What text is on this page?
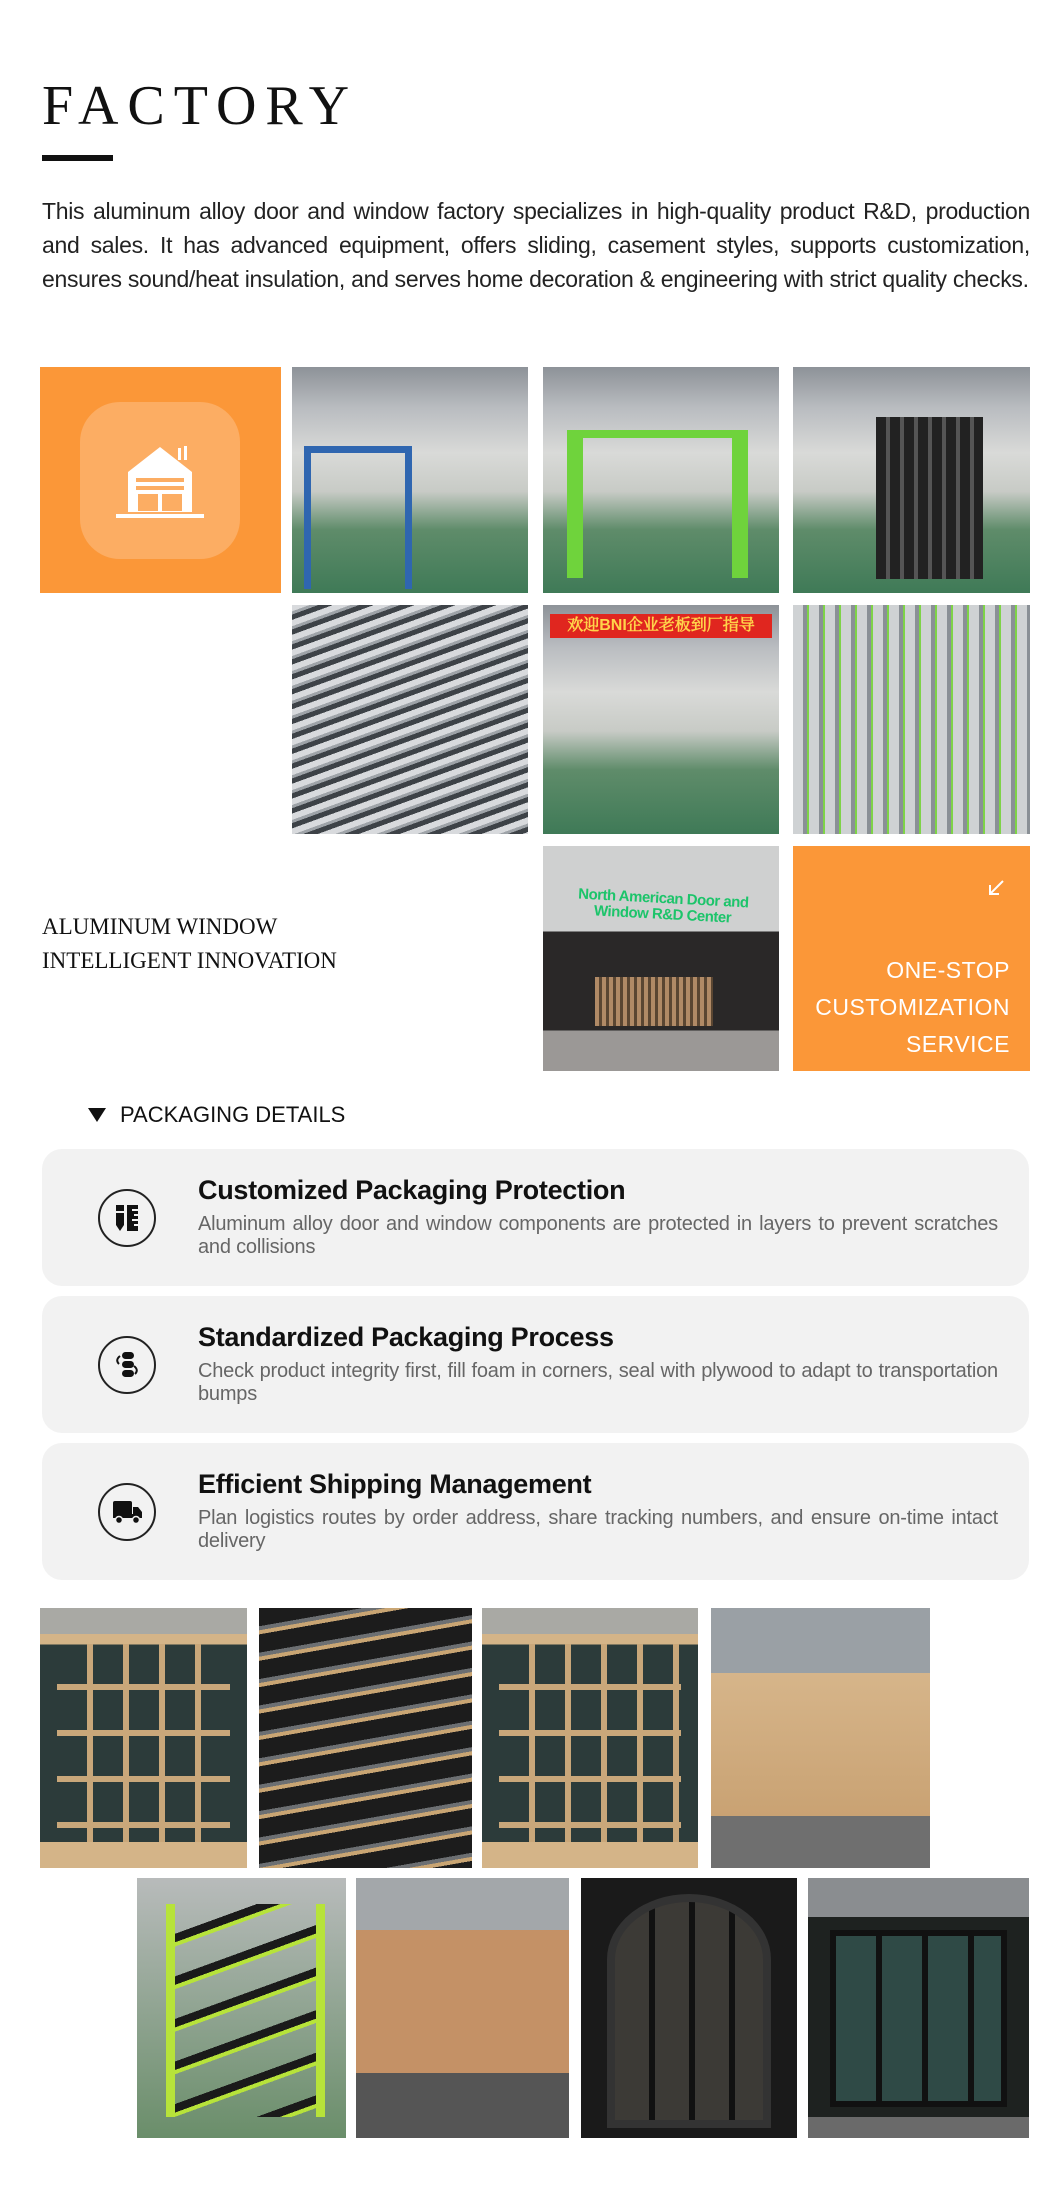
FACTORY

This aluminum alloy door and window factory specializes in high-quality product R&D, production and sales. It has advanced equipment, offers sliding, casement styles, supports customization, ensures sound/heat insulation, and serves home decoration & engineering with strict quality checks.

欢迎BNI企业老板到厂指导
ALUMINUM WINDOW
INTELLIGENT INNOVATION
North American Door and Window R&D Center
ONE-STOP
CUSTOMIZATION
SERVICE
PACKAGING DETAILS
Customized Packaging Protection
Aluminum alloy door and window components are protected in layers to prevent scratches and collisions
Standardized Packaging Process
Check product integrity first, fill foam in corners, seal with plywood to adapt to transportation bumps
Efficient Shipping Management
Plan logistics routes by order address, share tracking numbers, and ensure on-time intact delivery
